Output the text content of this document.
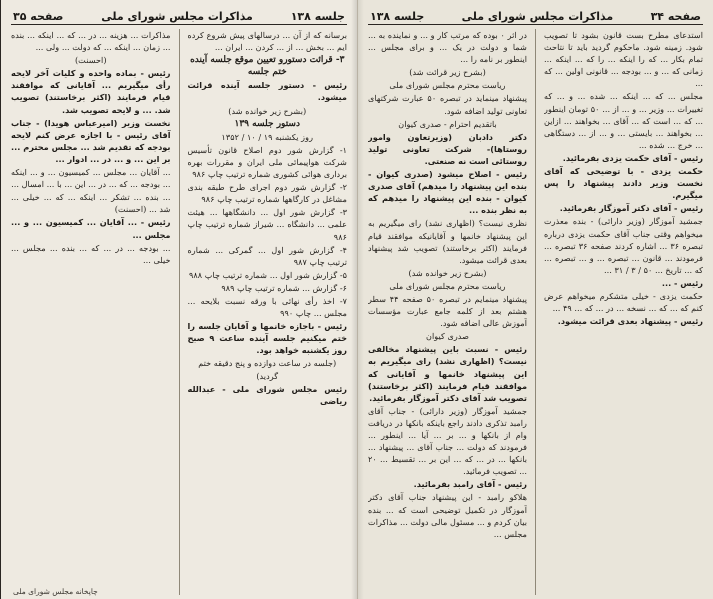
صفحه ۳۴
مذاکرات مجلس شورای ملی
جلسه ۱۳۸

استدعای مطرح بست قانون بشود تا تصویب شود. زمینه شود. ماحکوم گردید باید تا نتاحث تمام بکار ... که را اینکه ... را که ... اینکه ... زمانی که ... و ... بودجه ... قانونی اولین ... که ...

مجلس ... که ... اینکه ... شده ... و ... که تغییرات ... وزیر ... و ... از ... ۵۰ تومان اینطور ... که ... است که ... آقای ... بخواهند ... ازاین ... بخواهند ... بایستی ... و ... از ... دستگاهی ... خرج ... شده ...

رئیس - آقای حکمت یزدی بفرمائید.

حکمت یزدی - با توضیحی که آقای نخست وزیر دادند پیشنهاد را پس میگیرم.

رئیس - آقای دکتر آموزگار بفرمائید.

جمشید آموزگار (وزیر دارائی) - بنده معذرت میخواهم وقتی جناب آقای حکمت یزدی درباره تبصره ۳۶ ... اشاره کردند صفحه ۳۶ تبصره ... فرمودند ... قانون ... تبصره ... و ... تبصره ... که ... تاریخ ... ۵۰ / ۳ / ۳۱ ...

رئیس - ...

حکمت یزدی - خیلی متشکرم میخواهم عرض کنم که ... که ... نسخه ... در ... که ... ۴۹ ...

رئیس - پیشنهاد بعدی قرائت میشود.

در اثر ۰ بوده که مرتب کار و ... و نماینده به ... شما و دولت در یک ... و برای مجلس ... اینطور بر نامه را ...

(بشرح زیر قرائت شد)

ریاست محترم مجلس شورای ملی

پیشنهاد مینماید در تبصره ۵۰ عبارت شرکتهای تعاونی تولید اضافه شود.

باتقدیم احترام - صدری کیوان

دکتر دادبان (وزیرتعاون وامور روستاها)- شرکت تعاونی تولید روستائی است نه صنعتی.

رئیس - اصلاح میشود (صدری کیوان - بنده این پیشنهاد را میدهم) آقای صدری کیوان - بنده این پیشنهاد را میدهم که به نظر بنده ...

نظری نیست؟ (اظهاری نشد) رای میگیریم به این پیشنهاد خانمها و آقایانیکه موافقند قیام فرمایند (اکثر برخاستند) تصویب شد پیشنهاد بعدی قرائت میشود.

(بشرح زیر خوانده شد)

ریاست محترم مجلس شورای ملی

پیشنهاد مینمایم در تبصره ۵۰ صفحه ۴۴ سطر هشتم بعد از کلمه جامع عبارت مؤسسات آموزش عالی اضافه شود.

صدری کیوان

رئیس - نسبت باین پیشنهاد مخالفی نیست؟ (اظهاری نشد) رای میگیریم به این پیشنهاد خانمها و آقایانی که موافقند قیام فرمایند (اکثر برخاستند) تصویب شد آقای دکتر آموزگار بفرمائید.

جمشید آموزگار (وزیر دارائی) - جناب آقای رامبد تذکری دادند راجع باینکه بانکها در دریافت وام از بانکها و ... بر ... آیا ... اینطور ... فرمودند که دولت ... جناب آقای ... پیشنهاد ... بانکها ... در ... که ... این بر ... تقسیط ... ۲۰ ... تصویب فرمائید.

رئیس - آقای رامبد بفرمائید.

هلاکو رامبد - این پیشنهاد جناب آقای دکتر آموزگار در تکمیل توضیحی است که ... بنده بیان کردم و ... مسئول مالی دولت ... مذاکرات مجلس ...

جلسه ۱۳۸
مذاکرات مجلس شورای ملی
صفحه ۳۵

برسانه که از آن ... درسالهای پیش شروع کرده ایم ... بخش ... از ... کردن ... ایران ...

۳- قرائت دستورو تعیین موقع جلسه آینده ختم جلسه

رئیس - دستور جلسه آینده قرائت میشود.

(بشرح زیر خوانده شد)

دستور جلسه ۱۳۹

روز یکشنبه ۱۹ / ۱۰ / ۱۳۵۲

۱- گزارش شور دوم اصلاح قانون تأسیس شرکت هواپیمائی ملی ایران و مقررات بهره برداری هوائی کشوری شماره ترتیب چاپ ۹۸۶

۲- گزارش شور دوم اجرای طرح طبقه بندی مشاغل در کارگاهها شماره ترتیب چاپ ۹۸۶

۳- گزارش شور اول ... دانشگاهها ... هیئت علمی ... دانشگاه ... شیراز شماره ترتیب چاپ ۹۸۶

۴- گزارش شور اول ... گمرکی ... شماره ترتیب چاپ ۹۸۷

۵- گزارش شور اول ... شماره ترتیب چاپ ۹۸۸

۶- گزارش ... شماره ترتیب چاپ ۹۸۹

۷- اخذ رأی نهائی با ورقه نسبت بلایحه ... مجلس ... چاپ ۹۹۰

رئیس - باجازه خانمها و آقایان جلسه را ختم میکنیم جلسه آینده ساعت ۹ صبح روز یکشنبه خواهد بود.

(جلسه در ساعت دوازده و پنج دقیقه ختم گردید)

رئیس مجلس شورای ملی - عبدالله ریاضی

مذاکرات ... هزینه ... در ... که ... اینکه ... بنده ... زمان ... اینکه ... که دولت ... ولی ...

(احسنت)

رئیس - بماده واحده و کلیات آخر لایحه رأی میگیریم ... آقایانی که موافقند قیام فرمایند (اکثر برخاستند) تصویب شد. ... و لایحه تصویب شد.

نخست وزیر (امیرعباس هویدا) - جناب آقای رئیس - با اجازه عرض کنم لایحه بودجه که تقدیم شد ... مجلس محترم ... بر این ... و ... در ... ادوار ...

... آقایان ... مجلس ... کمیسیون ... و ... اینکه ... بودجه ... که ... در ... این ... با ... امسال ...

... بنده ... تشکر ... اینکه ... که ... خیلی ... شد ... (احسنت)

رئیس - ... آقایان ... کمیسیون ... و ... مجلس ...

... بودجه ... در ... که ... بنده ... مجلس ... خیلی ...

چاپخانه مجلس شورای ملی
